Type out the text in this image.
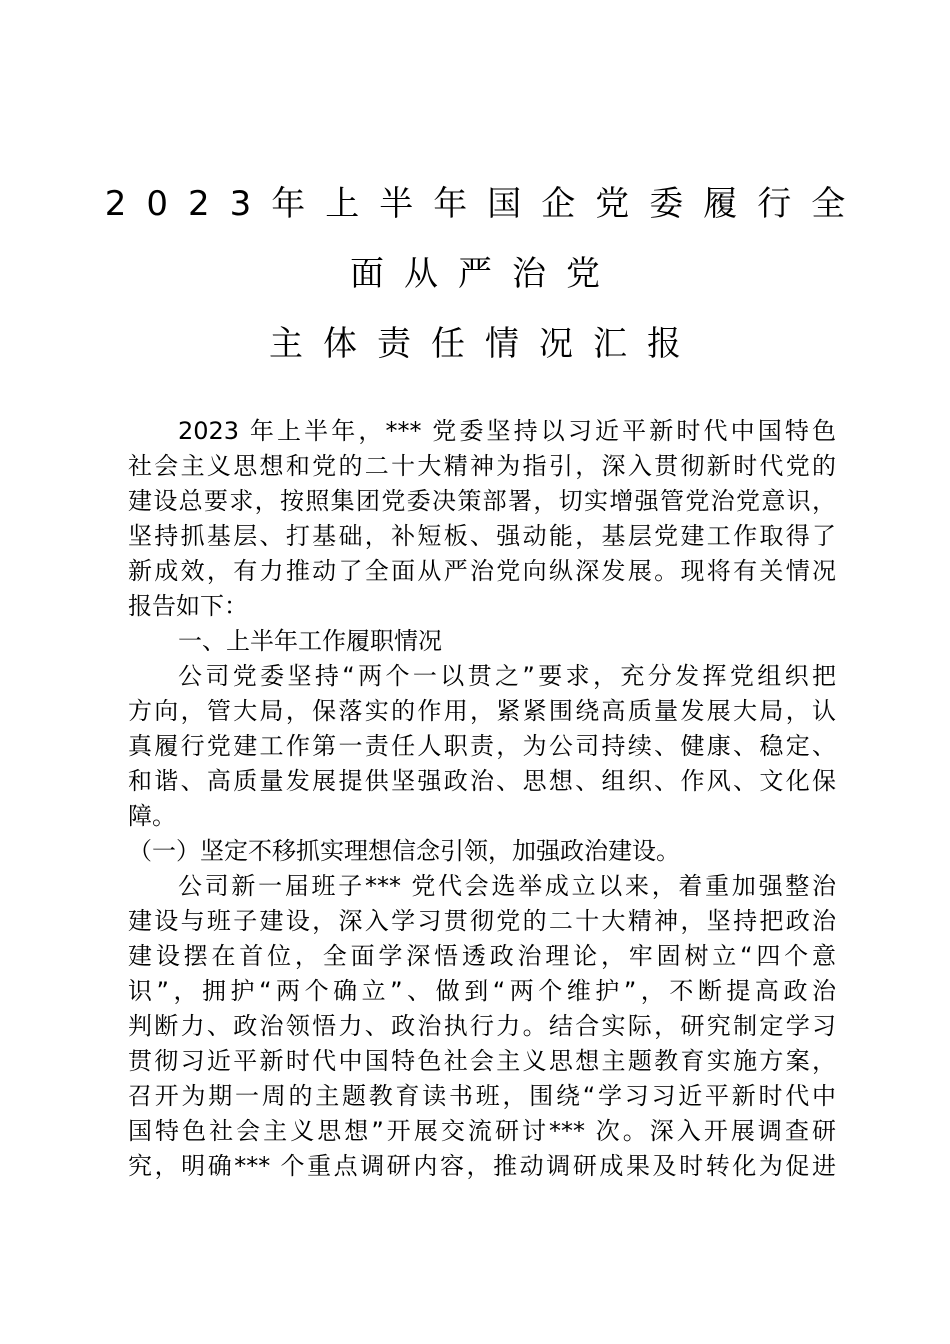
2023年上半年国企党委履行全
面从严治党
主体责任情况汇报
2023 年上半年，*** 党委坚持以习近平新时代中国特色
社会主义思想和党的二十大精神为指引，深入贯彻新时代党的
建设总要求，按照集团党委决策部署，切实增强管党治党意识，
坚持抓基层、打基础，补短板、强动能，基层党建工作取得了
新成效，有力推动了全面从严治党向纵深发展。现将有关情况
报告如下：
一、上半年工作履职情况
公司党委坚持“两个一以贯之”要求，充分发挥党组织把
方向，管大局，保落实的作用，紧紧围绕高质量发展大局，认
真履行党建工作第一责任人职责，为公司持续、健康、稳定、
和谐、高质量发展提供坚强政治、思想、组织、作风、文化保
障。
（一）坚定不移抓实理想信念引领，加强政治建设。
公司新一届班子*** 党代会选举成立以来，着重加强整治
建设与班子建设，深入学习贯彻党的二十大精神，坚持把政治
建设摆在首位，全面学深悟透政治理论，牢固树立“四个意
识”，拥护“两个确立”、做到“两个维护”，不断提高政治
判断力、政治领悟力、政治执行力。结合实际，研究制定学习
贯彻习近平新时代中国特色社会主义思想主题教育实施方案，
召开为期一周的主题教育读书班，围绕“学习习近平新时代中
国特色社会主义思想”开展交流研讨*** 次。深入开展调查研
究，明确*** 个重点调研内容，推动调研成果及时转化为促进
